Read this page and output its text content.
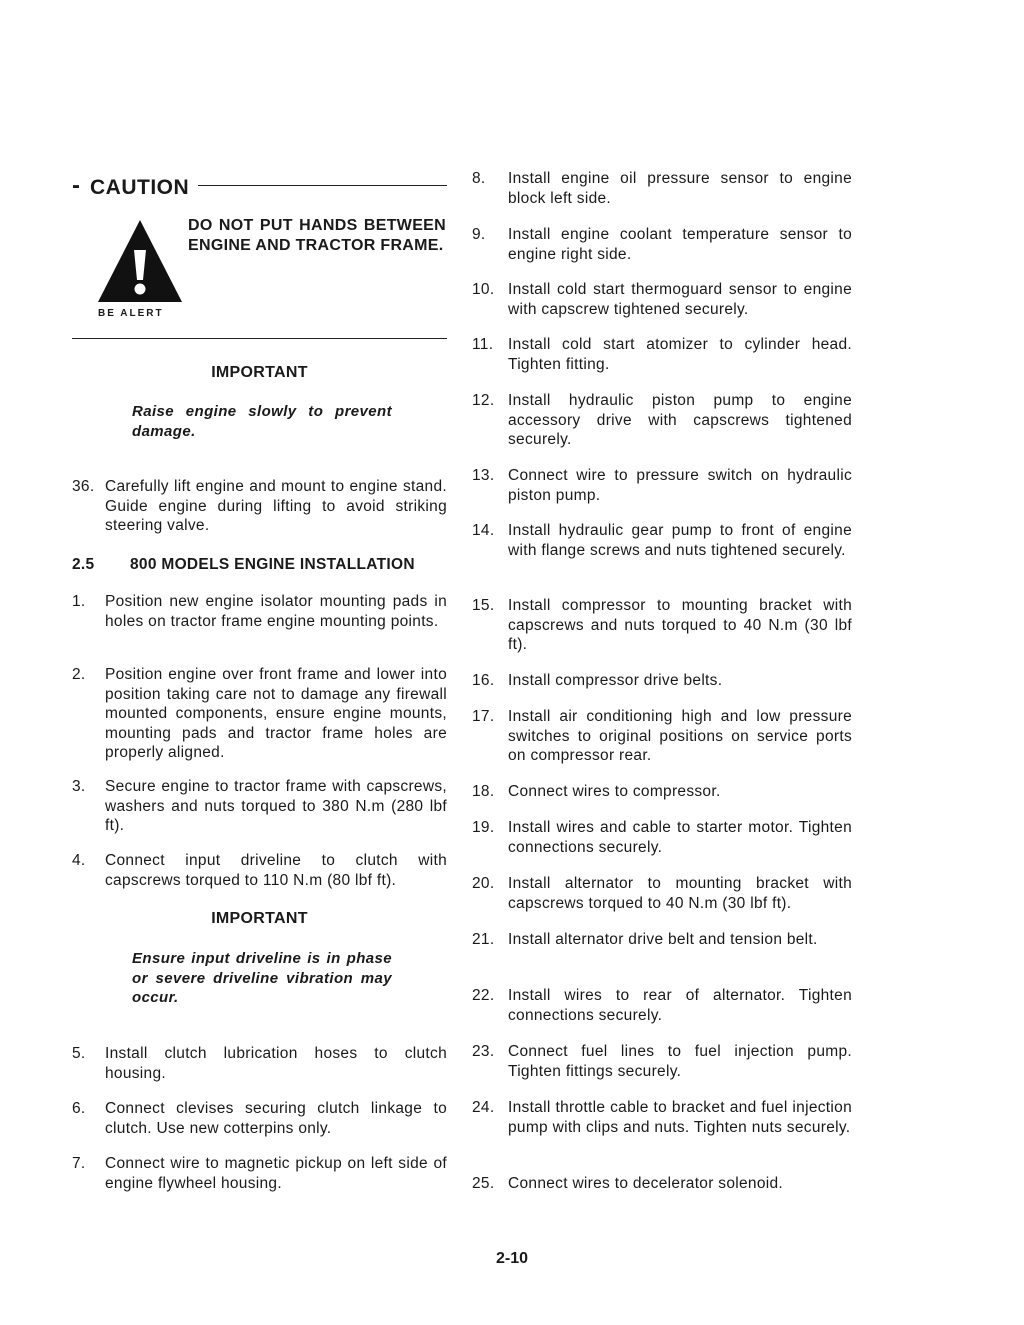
- CAUTION
BE ALERT
DO NOT PUT HANDS BETWEEN ENGINE AND TRACTOR FRAME.
IMPORTANT
Raise engine slowly to prevent damage.
36. Carefully lift engine and mount to engine stand. Guide engine during lifting to avoid striking steering valve.
2.5 800 MODELS ENGINE INSTALLATION
1. Position new engine isolator mounting pads in holes on tractor frame engine mounting points.
2. Position engine over front frame and lower into position taking care not to damage any firewall mounted components, ensure engine mounts, mounting pads and tractor frame holes are properly aligned.
3. Secure engine to tractor frame with capscrews, washers and nuts torqued to 380 N.m (280 lbf ft).
4. Connect input driveline to clutch with capscrews torqued to 110 N.m (80 lbf ft).
IMPORTANT
Ensure input driveline is in phase or severe driveline vibration may occur.
5. Install clutch lubrication hoses to clutch housing.
6. Connect clevises securing clutch linkage to clutch. Use new cotterpins only.
7. Connect wire to magnetic pickup on left side of engine flywheel housing.
8. Install engine oil pressure sensor to engine block left side.
9. Install engine coolant temperature sensor to engine right side.
10. Install cold start thermoguard sensor to engine with capscrew tightened securely.
11. Install cold start atomizer to cylinder head. Tighten fitting.
12. Install hydraulic piston pump to engine accessory drive with capscrews tightened securely.
13. Connect wire to pressure switch on hydraulic piston pump.
14. Install hydraulic gear pump to front of engine with flange screws and nuts tightened securely.
15. Install compressor to mounting bracket with capscrews and nuts torqued to 40 N.m (30 lbf ft).
16. Install compressor drive belts.
17. Install air conditioning high and low pressure switches to original positions on service ports on compressor rear.
18. Connect wires to compressor.
19. Install wires and cable to starter motor. Tighten connections securely.
20. Install alternator to mounting bracket with capscrews torqued to 40 N.m (30 lbf ft).
21. Install alternator drive belt and tension belt.
22. Install wires to rear of alternator. Tighten connections securely.
23. Connect fuel lines to fuel injection pump. Tighten fittings securely.
24. Install throttle cable to bracket and fuel injection pump with clips and nuts. Tighten nuts securely.
25. Connect wires to decelerator solenoid.
2-10
